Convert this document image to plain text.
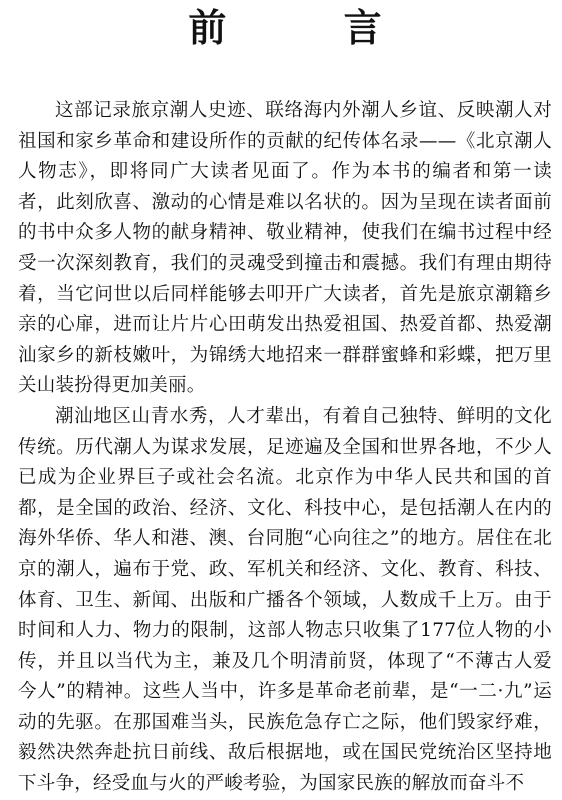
前 言

这部记录旅京潮人史迹、联络海内外潮人乡谊、反映潮人对祖国和家乡革命和建设所作的贡献的纪传体名录——《北京潮人人物志》，即将同广大读者见面了。作为本书的编者和第一读者，此刻欣喜、激动的心情是难以名状的。因为呈现在读者面前的书中众多人物的献身精神、敬业精神，使我们在编书过程中经受一次深刻教育，我们的灵魂受到撞击和震撼。我们有理由期待着，当它问世以后同样能够去叩开广大读者，首先是旅京潮籍乡亲的心扉，进而让片片心田萌发出热爱祖国、热爱首都、热爱潮汕家乡的新枝嫩叶，为锦绣大地招来一群群蜜蜂和彩蝶，把万里关山装扮得更加美丽。

潮汕地区山青水秀，人才辈出，有着自己独特、鲜明的文化传统。历代潮人为谋求发展，足迹遍及全国和世界各地，不少人已成为企业界巨子或社会名流。北京作为中华人民共和国的首都，是全国的政治、经济、文化、科技中心，是包括潮人在内的海外华侨、华人和港、澳、台同胞“心向往之”的地方。居住在北京的潮人，遍布于党、政、军机关和经济、文化、教育、科技、体育、卫生、新闻、出版和广播各个领域，人数成千上万。由于时间和人力、物力的限制，这部人物志只收集了177位人物的小传，并且以当代为主，兼及几个明清前贤，体现了“不薄古人爱今人”的精神。这些人当中，许多是革命老前辈，是“一二·九”运动的先驱。在那国难当头，民族危急存亡之际，他们毁家纾难，毅然决然奔赴抗日前线、敌后根据地，或在国民党统治区坚持地下斗争，经受血与火的严峻考验，为国家民族的解放而奋斗不
